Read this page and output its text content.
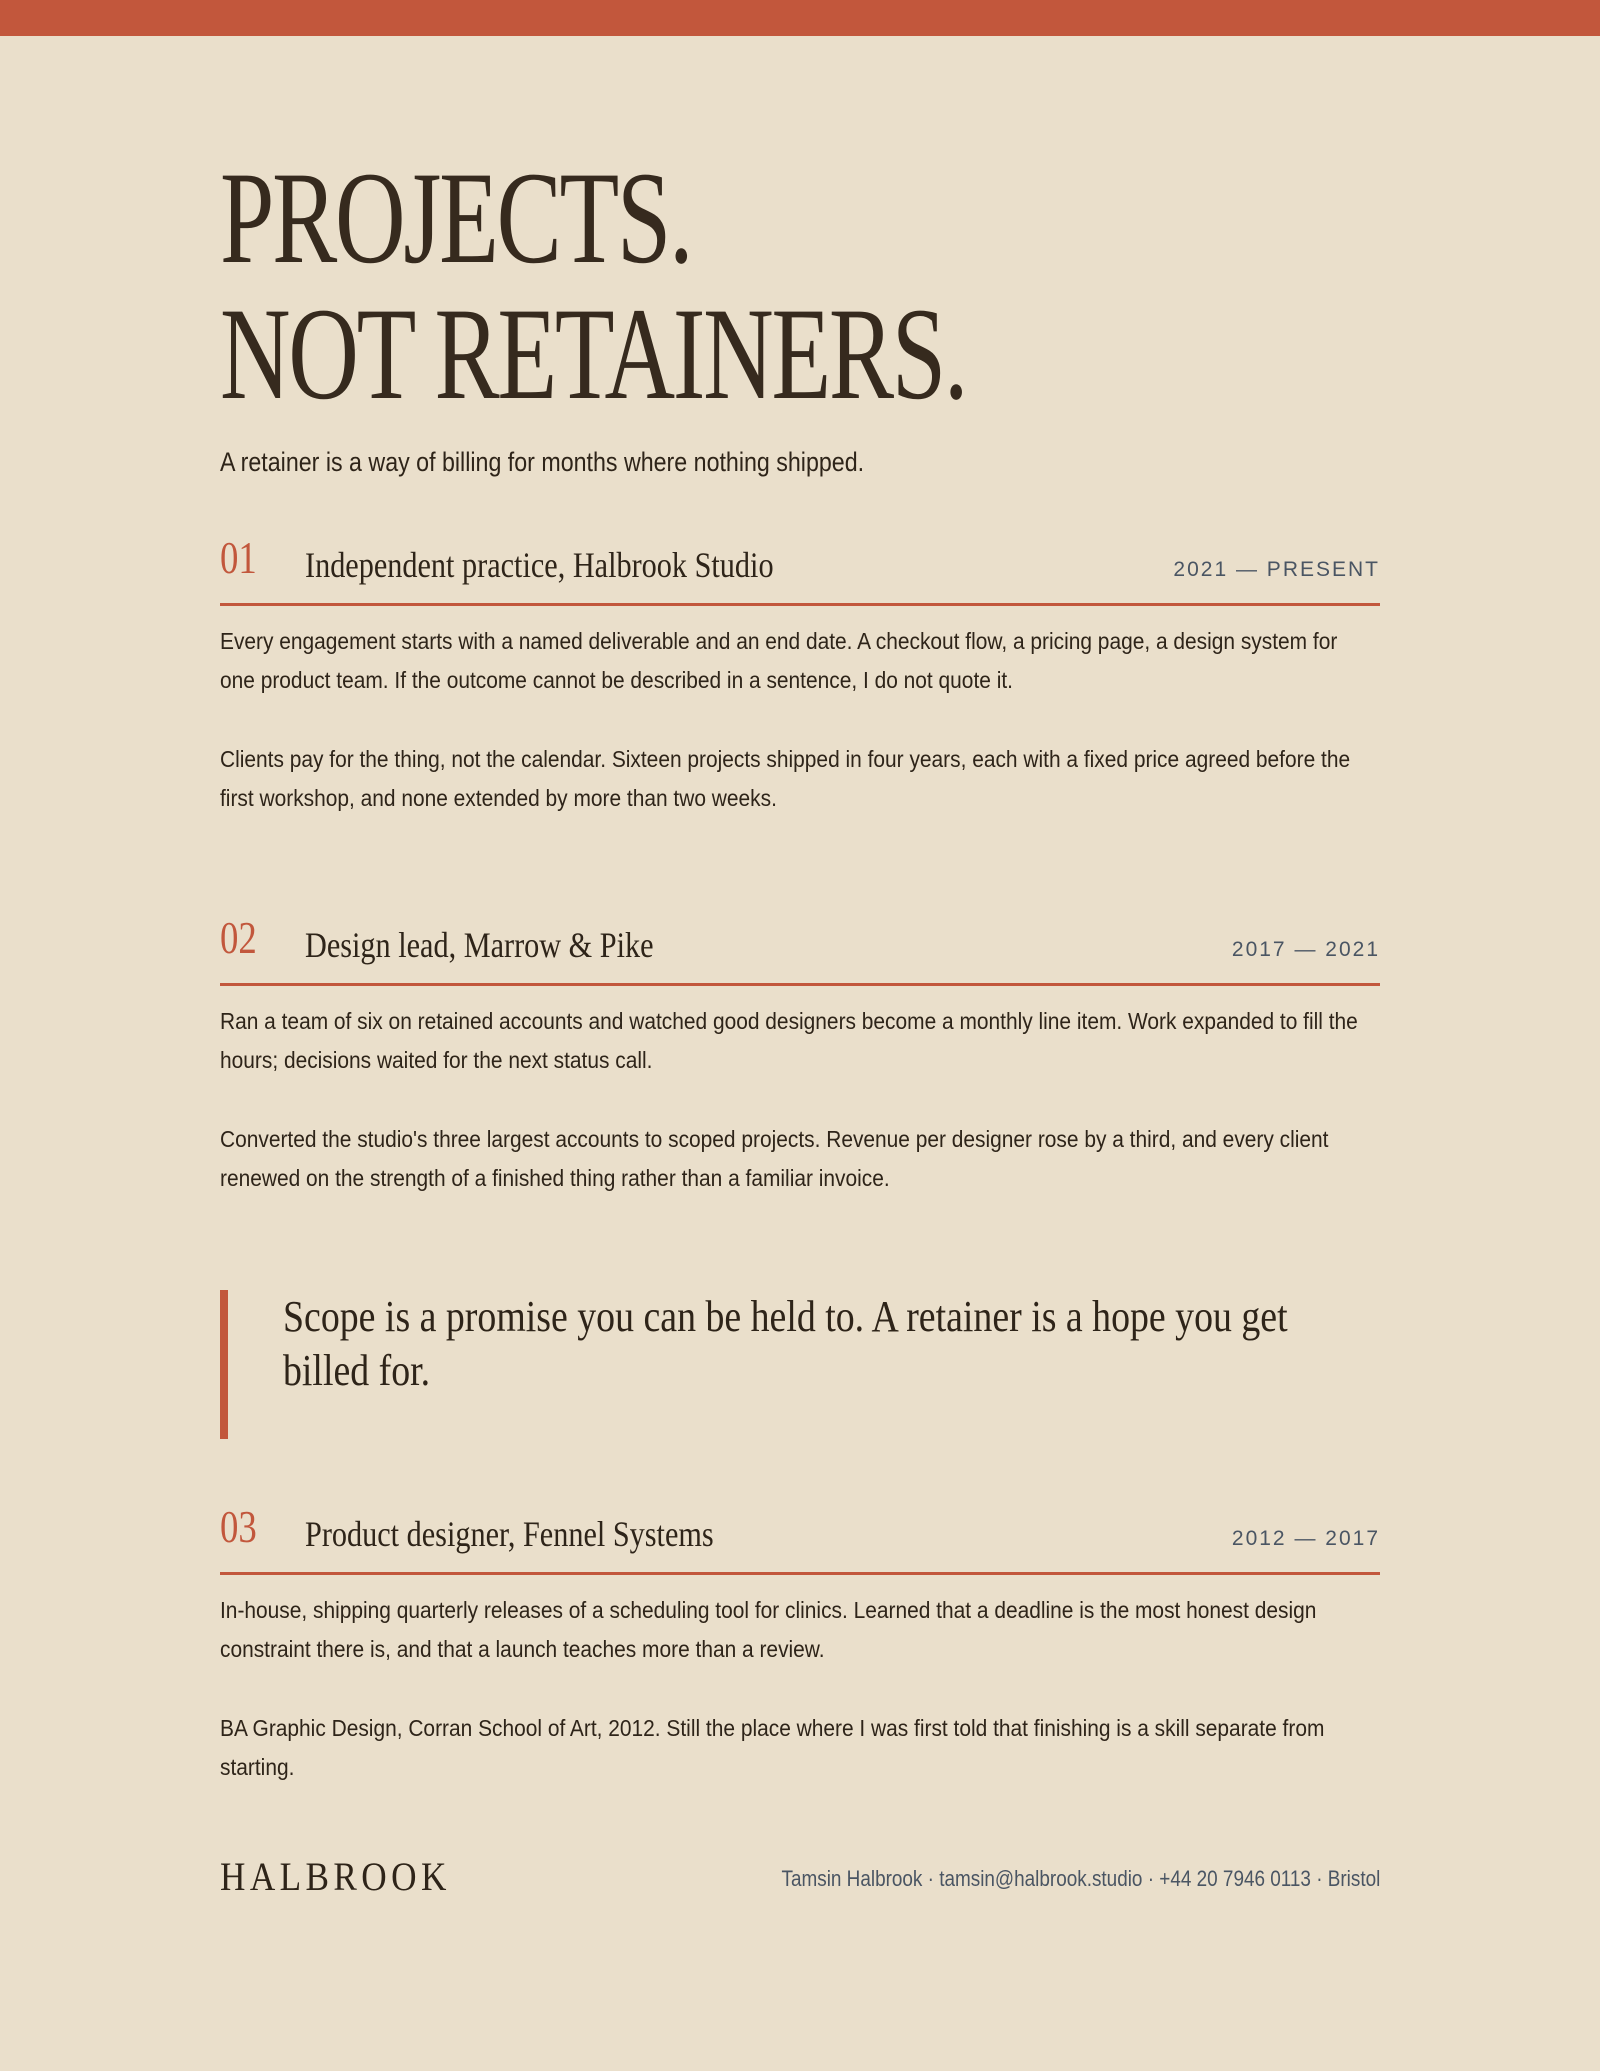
PROJECTS.
NOT RETAINERS.

A retainer is a way of billing for months where nothing shipped.

01 Independent practice, Halbrook Studio	2021 — PRESENT

Every engagement starts with a named deliverable and an end date. A checkout flow, a pricing page, a design system for one product team. If the outcome cannot be described in a sentence, I do not quote it.

Clients pay for the thing, not the calendar. Sixteen projects shipped in four years, each with a fixed price agreed before the first workshop, and none extended by more than two weeks.

02 Design lead, Marrow & Pike	2017 — 2021

Ran a team of six on retained accounts and watched good designers become a monthly line item. Work expanded to fill the hours; decisions waited for the next status call.

Converted the studio's three largest accounts to scoped projects. Revenue per designer rose by a third, and every client renewed on the strength of a finished thing rather than a familiar invoice.

Scope is a promise you can be held to. A retainer is a hope you get billed for.

03 Product designer, Fennel Systems	2012 — 2017

In-house, shipping quarterly releases of a scheduling tool for clinics. Learned that a deadline is the most honest design constraint there is, and that a launch teaches more than a review.

BA Graphic Design, Corran School of Art, 2012. Still the place where I was first told that finishing is a skill separate from starting.

HALBROOK	Tamsin Halbrook · tamsin@halbrook.studio · +44 20 7946 0113 · Bristol
